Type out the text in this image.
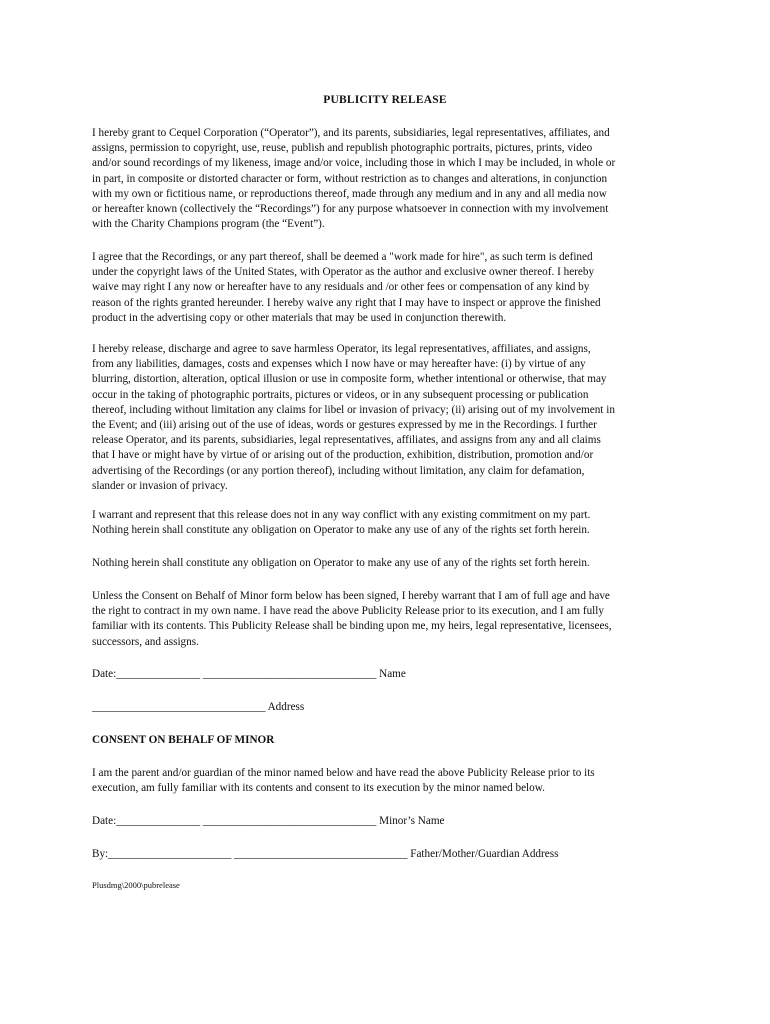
PUBLICITY RELEASE

I hereby grant to Cequel Corporation (“Operator”), and its parents, subsidiaries, legal representatives, affiliates, and
assigns, permission to copyright, use, reuse, publish and republish photographic portraits, pictures, prints, video
and/or sound recordings of my likeness, image and/or voice, including those in which I may be included, in whole or
in part, in composite or distorted character or form, without restriction as to changes and alterations, in conjunction
with my own or fictitious name, or reproductions thereof, made through any medium and in any and all media now
or hereafter known (collectively the “Recordings”) for any purpose whatsoever in connection with my involvement
with the Charity Champions program (the “Event”).

I agree that the Recordings, or any part thereof, shall be deemed a "work made for hire", as such term is defined
under the copyright laws of the United States, with Operator as the author and exclusive owner thereof. I hereby
waive may right I any now or hereafter have to any residuals and /or other fees or compensation of any kind by
reason of the rights granted hereunder. I hereby waive any right that I may have to inspect or approve the finished
product in the advertising copy or other materials that may be used in conjunction therewith.

I hereby release, discharge and agree to save harmless Operator, its legal representatives, affiliates, and assigns,
from any liabilities, damages, costs and expenses which I now have or may hereafter have: (i) by virtue of any
blurring, distortion, alteration, optical illusion or use in composite form, whether intentional or otherwise, that may
occur in the taking of photographic portraits, pictures or videos, or in any subsequent processing or publication
thereof, including without limitation any claims for libel or invasion of privacy; (ii) arising out of my involvement in
the Event; and (iii) arising out of the use of ideas, words or gestures expressed by me in the Recordings. I further
release Operator, and its parents, subsidiaries, legal representatives, affiliates, and assigns from any and all claims
that I have or might have by virtue of or arising out of the production, exhibition, distribution, promotion and/or
advertising of the Recordings (or any portion thereof), including without limitation, any claim for defamation,
slander or invasion of privacy.

I warrant and represent that this release does not in any way conflict with any existing commitment on my part.
Nothing herein shall constitute any obligation on Operator to make any use of any of the rights set forth herein.

Nothing herein shall constitute any obligation on Operator to make any use of any of the rights set forth herein.

Unless the Consent on Behalf of Minor form below has been signed, I hereby warrant that I am of full age and have
the right to contract in my own name. I have read the above Publicity Release prior to its execution, and I am fully
familiar with its contents. This Publicity Release shall be binding upon me, my heirs, legal representative, licensees,
successors, and assigns.

Date:_______________ _______________________________ Name
_______________________________ Address
CONSENT ON BEHALF OF MINOR

I am the parent and/or guardian of the minor named below and have read the above Publicity Release prior to its
execution, am fully familiar with its contents and consent to its execution by the minor named below.

Date:_______________ _______________________________ Minor’s Name
By:______________________ _______________________________ Father/Mother/Guardian Address
Plusdmg\2000\pubrelease
